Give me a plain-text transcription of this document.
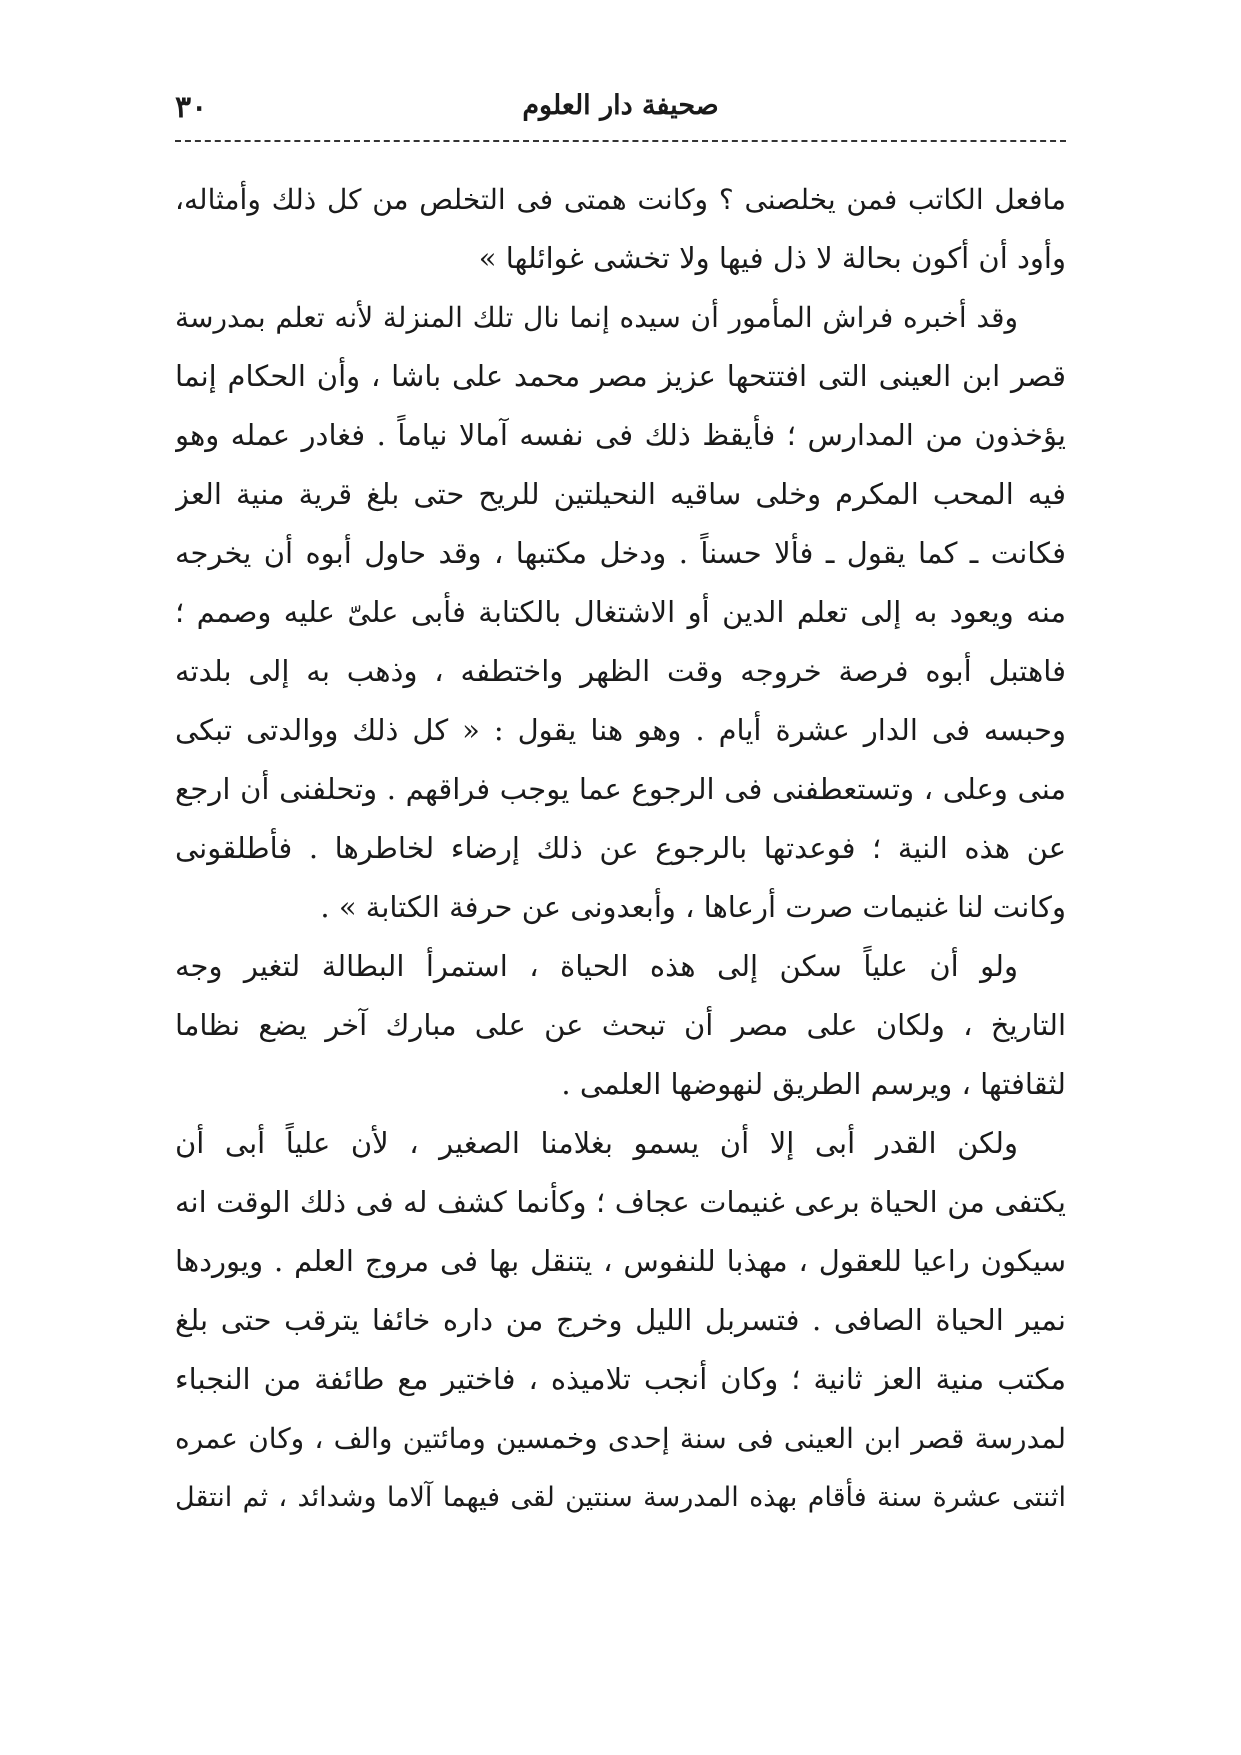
٣٠	صحيفة دار العلوم

مافعل الكاتب فمن يخلصنى ؟ وكانت همتى فى التخلص من كل ذلك وأمثاله،
وأود أن أكون بحالة لا ذل فيها ولا تخشى غوائلها »

وقد أخبره فراش المأمور أن سيده إنما نال تلك المنزلة لأنه تعلم بمدرسة
قصر ابن العينى التى افتتحها عزيز مصر محمد على باشا ، وأن الحكام إنما
يؤخذون من المدارس ؛ فأيقظ ذلك فى نفسه آمالا نياماً . فغادر عمله وهو
فيه المحب المكرم وخلى ساقيه النحيلتين للريح حتى بلغ قرية منية العز
فكانت ـ كما يقول ـ فألا حسناً . ودخل مكتبها ، وقد حاول أبوه أن يخرجه
منه ويعود به إلى تعلم الدين أو الاشتغال بالكتابة فأبى علىّ عليه وصمم ؛
فاهتبل أبوه فرصة خروجه وقت الظهر واختطفه ، وذهب به إلى بلدته
وحبسه فى الدار عشرة أيام . وهو هنا يقول : « كل ذلك ووالدتى تبكى
منى وعلى ، وتستعطفنى فى الرجوع عما يوجب فراقهم . وتحلفنى أن ارجع
عن هذه النية ؛ فوعدتها بالرجوع عن ذلك إرضاء لخاطرها . فأطلقونى
وكانت لنا غنيمات صرت أرعاها ، وأبعدونى عن حرفة الكتابة » .

ولو أن علياً سكن إلى هذه الحياة ، استمرأ البطالة لتغير وجه
التاريخ ، ولكان على مصر أن تبحث عن على مبارك آخر يضع نظاما
لثقافتها ، ويرسم الطريق لنهوضها العلمى .

ولكن القدر أبى إلا أن يسمو بغلامنا الصغير ، لأن علياً أبى أن
يكتفى من الحياة برعى غنيمات عجاف ؛ وكأنما كشف له فى ذلك الوقت انه
سيكون راعيا للعقول ، مهذبا للنفوس ، يتنقل بها فى مروج العلم . ويوردها
نمير الحياة الصافى . فتسربل الليل وخرج من داره خائفا يترقب حتى بلغ
مكتب منية العز ثانية ؛ وكان أنجب تلاميذه ، فاختير مع طائفة من النجباء
لمدرسة قصر ابن العينى فى سنة إحدى وخمسين ومائتين والف ، وكان عمره
اثنتى عشرة سنة فأقام بهذه المدرسة سنتين لقى فيهما آلاما وشدائد ، ثم انتقل
